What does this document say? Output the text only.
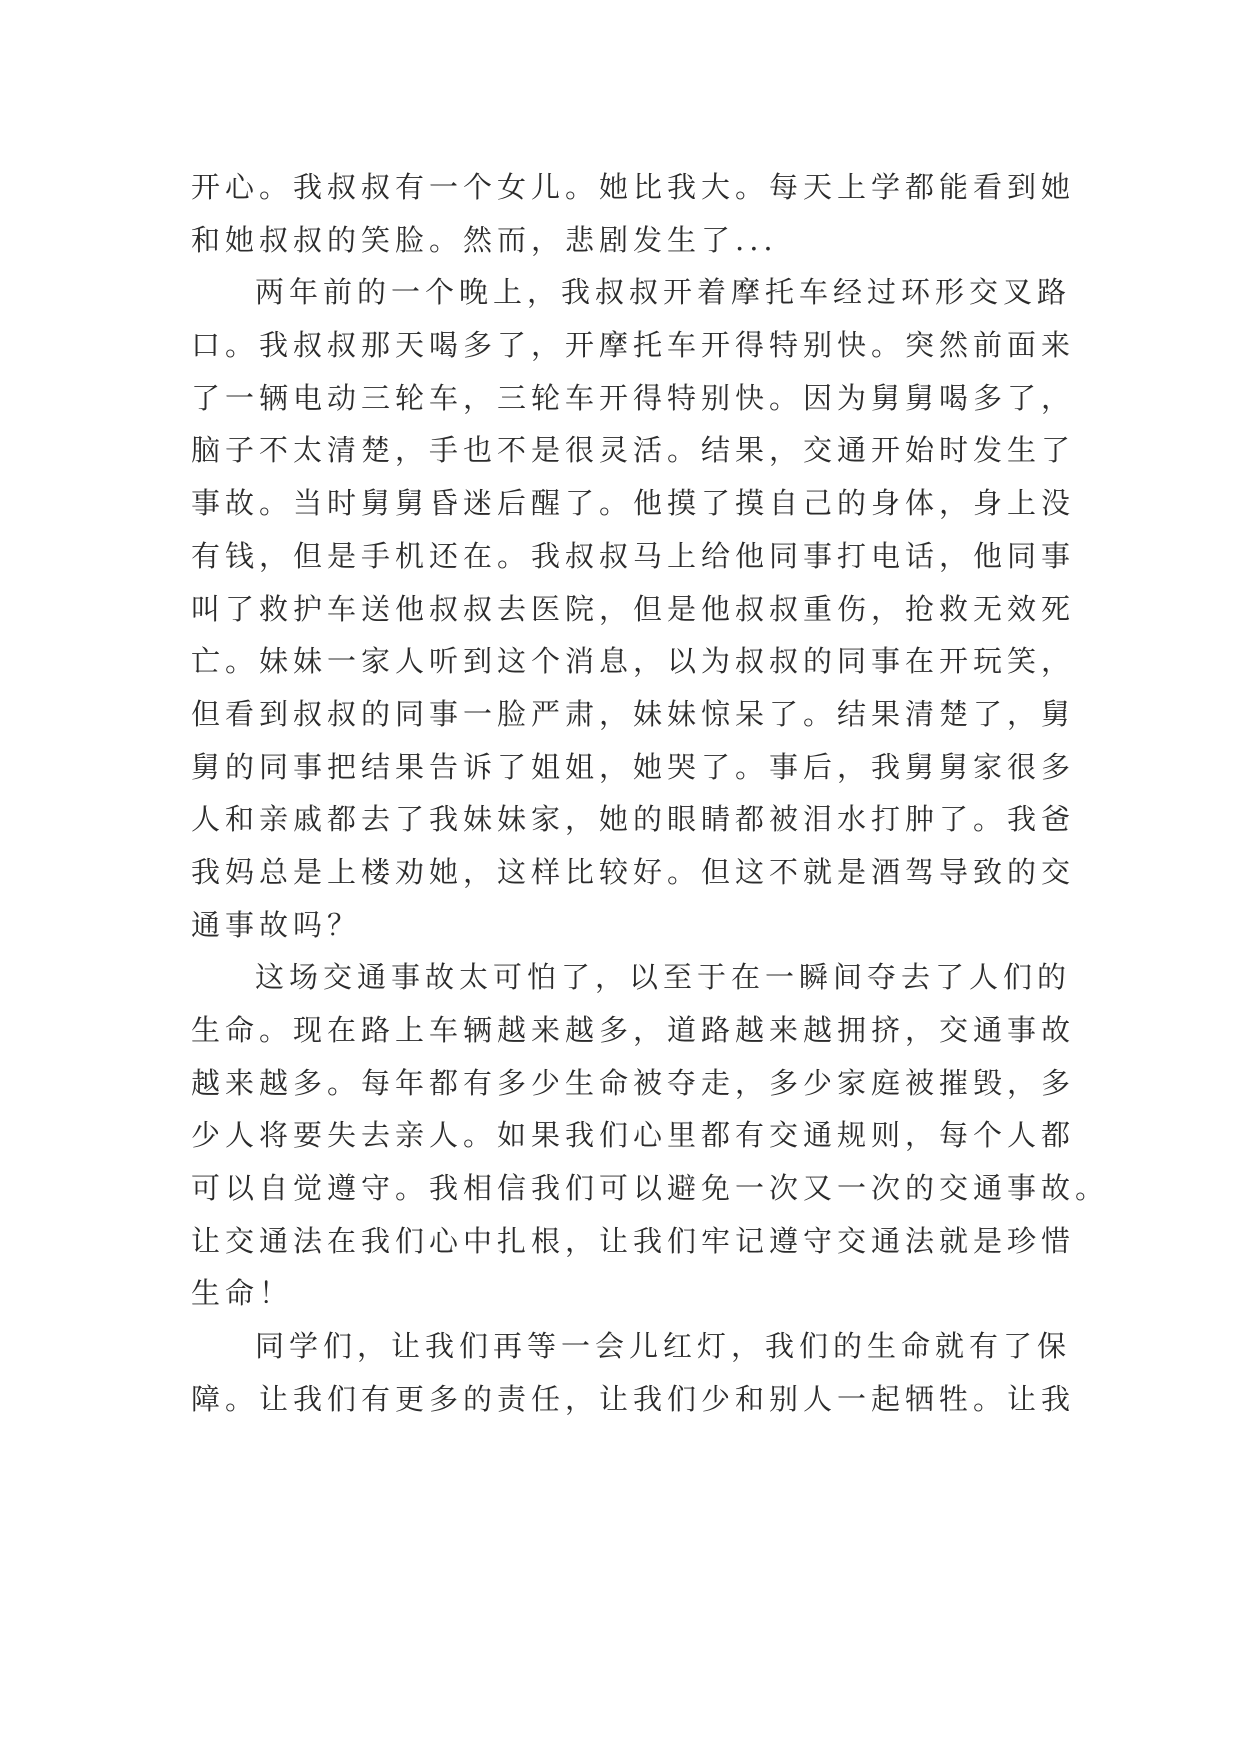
开心。我叔叔有一个女儿。她比我大。每天上学都能看到她
和她叔叔的笑脸。然而，悲剧发生了...
两年前的一个晚上，我叔叔开着摩托车经过环形交叉路
口。我叔叔那天喝多了，开摩托车开得特别快。突然前面来
了一辆电动三轮车，三轮车开得特别快。因为舅舅喝多了，
脑子不太清楚，手也不是很灵活。结果，交通开始时发生了
事故。当时舅舅昏迷后醒了。他摸了摸自己的身体，身上没
有钱，但是手机还在。我叔叔马上给他同事打电话，他同事
叫了救护车送他叔叔去医院，但是他叔叔重伤，抢救无效死
亡。妹妹一家人听到这个消息，以为叔叔的同事在开玩笑，
但看到叔叔的同事一脸严肃，妹妹惊呆了。结果清楚了，舅
舅的同事把结果告诉了姐姐，她哭了。事后，我舅舅家很多
人和亲戚都去了我妹妹家，她的眼睛都被泪水打肿了。我爸
我妈总是上楼劝她，这样比较好。但这不就是酒驾导致的交
通事故吗？
这场交通事故太可怕了，以至于在一瞬间夺去了人们的
生命。现在路上车辆越来越多，道路越来越拥挤，交通事故
越来越多。每年都有多少生命被夺走，多少家庭被摧毁，多
少人将要失去亲人。如果我们心里都有交通规则，每个人都
可以自觉遵守。我相信我们可以避免一次又一次的交通事故。
让交通法在我们心中扎根，让我们牢记遵守交通法就是珍惜
生命！
同学们，让我们再等一会儿红灯，我们的生命就有了保
障。让我们有更多的责任，让我们少和别人一起牺牲。让我
